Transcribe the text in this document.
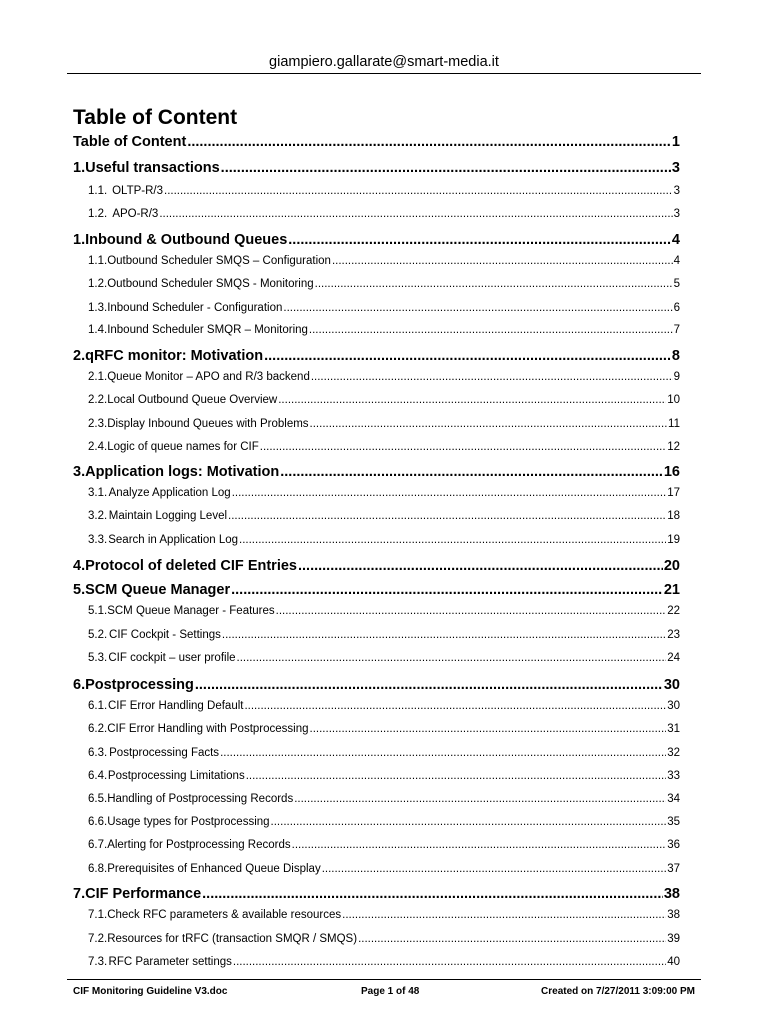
giampiero.gallarate@smart-media.it
Table of Content
Table of Content .....	1
1. Useful transactions .....	3
1.1. OLTP-R/3 .....	3
1.2. APO-R/3 .....	3
1. Inbound & Outbound Queues .....	4
1.1. Outbound Scheduler SMQS – Configuration .....	4
1.2. Outbound Scheduler SMQS - Monitoring .....	5
1.3. Inbound Scheduler - Configuration .....	6
1.4. Inbound Scheduler SMQR – Monitoring .....	7
2. qRFC monitor: Motivation .....	8
2.1. Queue Monitor – APO and R/3 backend .....	9
2.2. Local Outbound Queue Overview .....	10
2.3. Display Inbound Queues with Problems .....	11
2.4. Logic of queue names for CIF .....	12
3. Application logs: Motivation .....	16
3.1. Analyze Application Log .....	17
3.2. Maintain Logging Level .....	18
3.3. Search in Application Log .....	19
4. Protocol of deleted CIF Entries .....	20
5. SCM Queue Manager .....	21
5.1. SCM Queue Manager - Features .....	22
5.2. CIF Cockpit - Settings .....	23
5.3. CIF cockpit – user profile .....	24
6. Postprocessing .....	30
6.1. CIF Error Handling Default .....	30
6.2. CIF Error Handling with Postprocessing .....	31
6.3. Postprocessing Facts .....	32
6.4. Postprocessing Limitations .....	33
6.5. Handling of Postprocessing Records .....	34
6.6. Usage types for Postprocessing .....	35
6.7. Alerting for Postprocessing Records .....	36
6.8. Prerequisites of Enhanced Queue Display .....	37
7. CIF Performance .....	38
7.1. Check RFC parameters & available resources .....	38
7.2. Resources for tRFC (transaction SMQR / SMQS) .....	39
7.3. RFC Parameter settings .....	40
CIF Monitoring Guideline V3.doc	Page 1 of 48	Created on 7/27/2011 3:09:00 PM
